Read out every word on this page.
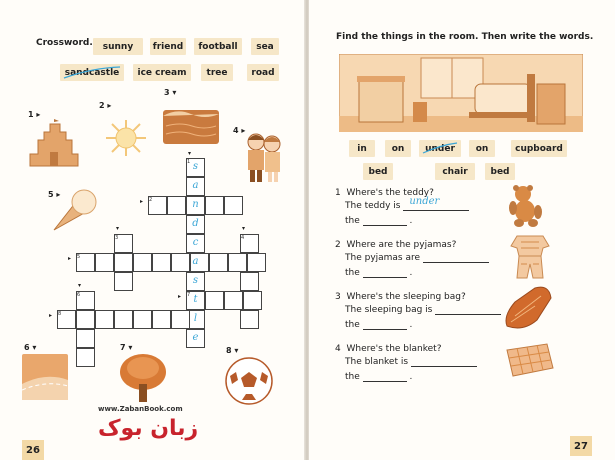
Crossword.	sunny	friend	football	sea
sandcastle	ice cream	tree	road
1 ▸
2 ▸
3 ▾
4 ▸
5 ▸
6 ▾	7 ▾	8 ▾
s
a
n
d
c
a
s
t
l
e
1
2
3	4
5
6	7
8
▾
▸
▾	▾
▸
▾
▸
▸
www.ZabanBook.com
زبان بوک
26
Find the things in the room. Then write the words.
in	on	under	on	cupboard
bed	chair	bed
1 Where's the teddy?
The teddy is under
the	.
2 Where are the pyjamas?
The pyjamas are
the	.
3 Where's the sleeping bag?
The sleeping bag is
the	.
4 Where's the blanket?
The blanket is
the	.
27
